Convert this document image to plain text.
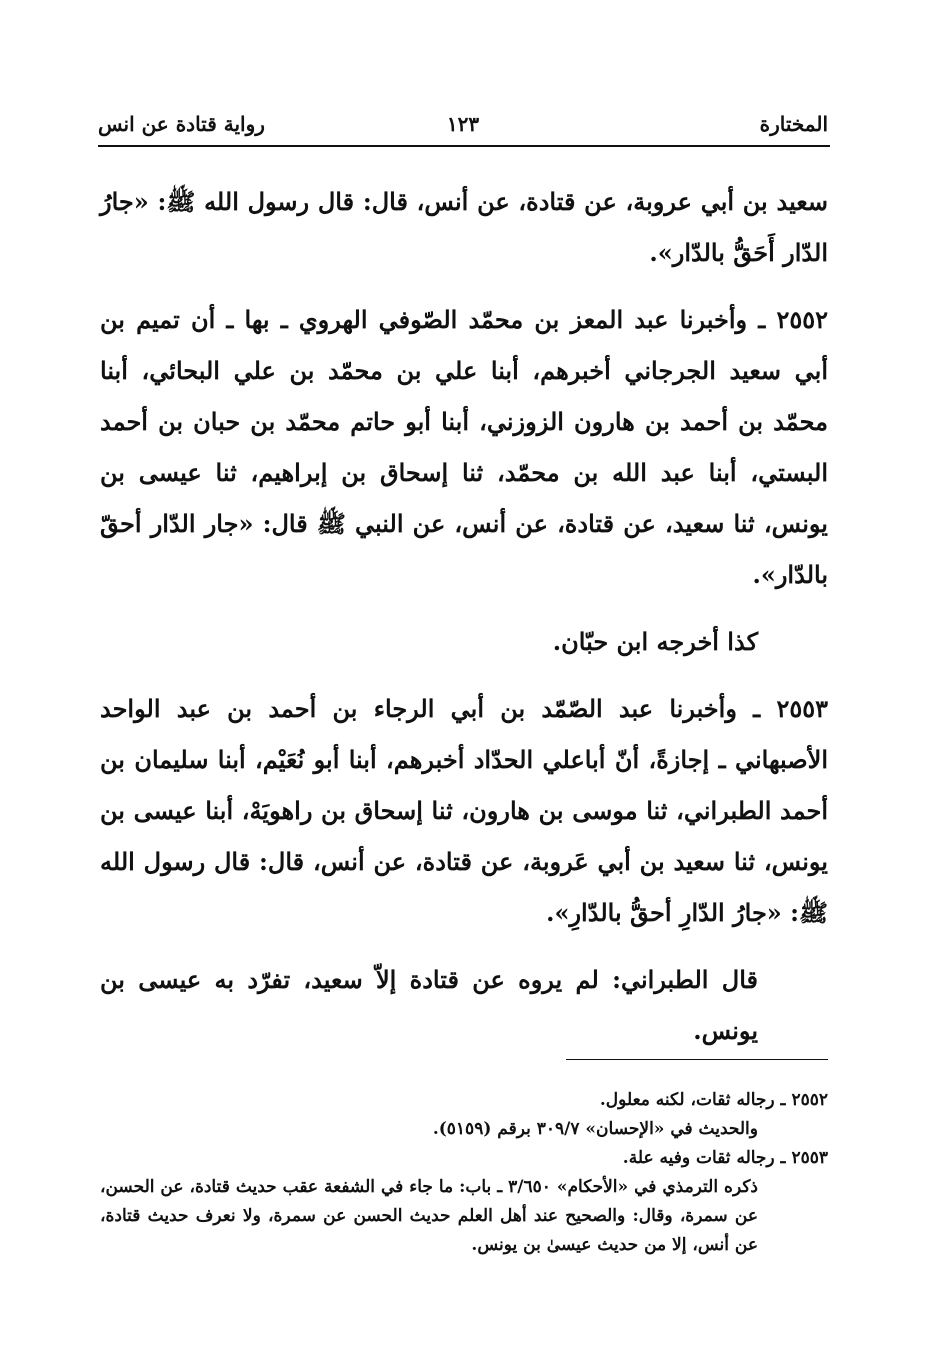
المختارة
١٢٣
رواية قتادة عن انس

سعيد بن أبي عروبة، عن قتادة، عن أنس، قال: قال رسول الله ﷺ: «جارُ الدّار أَحَقُّ بالدّار».

٢٥٥٢ ـ وأخبرنا عبد المعز بن محمّد الصّوفي الهروي ـ بها ـ أن تميم بن أبي سعيد الجرجاني أخبرهم، أبنا علي بن محمّد بن علي البحائي، أبنا محمّد بن أحمد بن هارون الزوزني، أبنا أبو حاتم محمّد بن حبان بن أحمد البستي، أبنا عبد الله بن محمّد، ثنا إسحاق بن إبراهيم، ثنا عيسى بن يونس، ثنا سعيد، عن قتادة، عن أنس، عن النبي ﷺ قال: «جار الدّار أحقّ بالدّار».

كذا أخرجه ابن حبّان.

٢٥٥٣ ـ وأخبرنا عبد الصّمّد بن أبي الرجاء بن أحمد بن عبد الواحد الأصبهاني ـ إجازةً، أنّ أباعلي الحدّاد أخبرهم، أبنا أبو نُعَيْم، أبنا سليمان بن أحمد الطبراني، ثنا موسى بن هارون، ثنا إسحاق بن راهويَهْ، أبنا عيسى بن يونس، ثنا سعيد بن أبي عَروبة، عن قتادة، عن أنس، قال: قال رسول الله ﷺ: «جارُ الدّارِ أحقُّ بالدّارِ».

قال الطبراني: لم يروه عن قتادة إلاّ سعيد، تفرّد به عيسى بن يونس.

٢٥٥٢ ـ رجاله ثقات، لكنه معلول.

والحديث في «الإحسان» ٣٠٩/٧ برقم (٥١٥٩).

٢٥٥٣ ـ رجاله ثقات وفيه علة.

ذكره الترمذي في «الأحكام» ٣/٦٥٠ ـ باب: ما جاء في الشفعة عقب حديث قتادة، عن الحسن، عن سمرة، وقال: والصحيح عند أهل العلم حديث الحسن عن سمرة، ولا نعرف حديث قتادة، عن أنس، إلا من حديث عيسىٰ بن يونس.
